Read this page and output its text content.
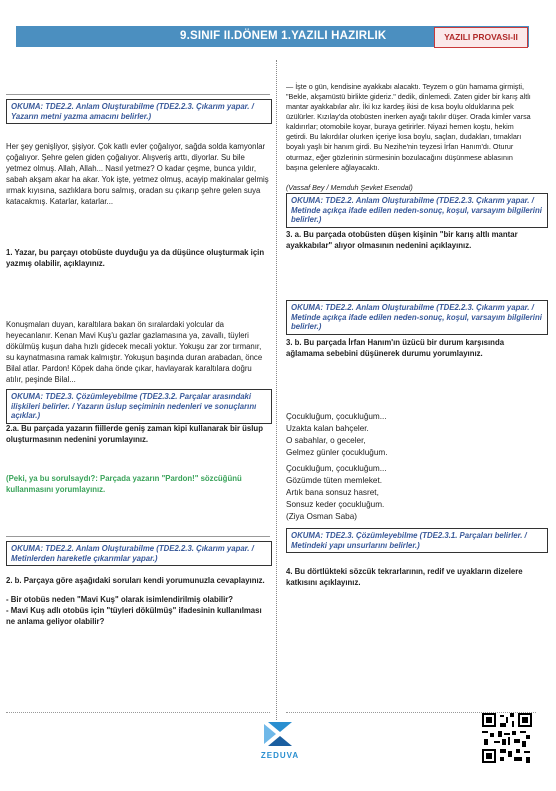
9.SINIF II.DÖNEM 1.YAZILI HAZIRLIK	YAZILI PROVASI-II
OKUMA: TDE2.2. Anlam Oluşturabilme (TDE2.2.3. Çıkarım yapar. / Yazarın metni yazma amacını belirler.)
Her şey genişliyor, şişiyor. Çok katlı evler çoğalıyor, sağda solda kamyonlar çoğalıyor. Şehre gelen giden çoğalıyor. Alışveriş arttı, diyorlar. Su bile yetmez olmuş. Allah, Allah... Nasıl yetmez? O kadar çeşme, bunca yıldır, sabah akşam akar ha akar. Yok işte, yetmez olmuş, acayip makinalar gelmiş ırmak kıyısına, sazlıklara boru salmış, oradan su çıkarıp şehre gelen suya katacakmış. Katarlar, katarlar...
1. Yazar, bu parçayı otobüste duyduğu ya da düşünce oluşturmak için yazmış olabilir, açıklayınız.
Konuşmaları duyan, karaltılara bakan ön sıralardaki yolcular da heyecanlanır. Kenan Mavi Kuş'u gazlar gazlamasına ya, zavallı, tüyleri dökülmüş kuşun daha hızlı gidecek mecali yoktur. Yokuşu zar zor tırmanır, su kaynatmasına ramak kalmıştır. Yokuşun başında duran arabadan, önce Bilal atlar. Pardon! Köpek daha önde çıkar, havlayarak karaltılara doğru atılır, peşinde Bilal...
OKUMA: TDE2.3. Çözümleyebilme (TDE2.3.2. Parçalar arasındaki ilişkileri belirler. / Yazarın üslup seçiminin nedenleri ve sonuçlarını açıklar.)
2.a. Bu parçada yazarın fiillerde geniş zaman kipi kullanarak bir üslup oluşturmasının nedenini yorumlayınız.
(Peki, ya bu sorulsaydı?: Parçada yazarın "Pardon!" sözcüğünü kullanmasını yorumlayınız.
OKUMA: TDE2.2. Anlam Oluşturabilme (TDE2.2.3. Çıkarım yapar. / Metinlerden hareketle çıkarımlar yapar.)
2. b. Parçaya göre aşağıdaki soruları kendi yorumunuzla cevaplayınız.
- Bir otobüs neden "Mavi Kuş" olarak isimlendirilmiş olabilir?
- Mavi Kuş adlı otobüs için "tüyleri dökülmüş" ifadesinin kullanılması ne anlama geliyor olabilir?
— İşte o gün, kendisine ayakkabı alacaktı. Teyzem o gün hamama girmişti, "Bekle, akşamüstü birlikte gideriz." dedik, dinlemedi. Zaten gider bir karış altlı mantar ayakkabılar alır. İki kız kardeş ikisi de kısa boylu olduklarına pek üzülürler. Kızılay'da otobüsten inerken ayağı takılır düşer. Orada kimler varsa kaldırırlar; otomobile koyar, buraya getirirler. Niyazi hemen koştu, hekim getirdi. Bu lakırdılar olurken içeriye kısa boylu, saçları, dudakları, tırnakları boyalı yaşlı bir hanım girdi. Bu Nezihe'nin teyzesi İrfan Hanım'dı. Oturur oturmaz, eğer gözlerinin sürmesinin bozulacağını düşünmese ablasının başına gelenlere ağlayacaktı.
(Vassaf Bey / Memduh Şevket Esendal)
OKUMA: TDE2.2. Anlam Oluşturabilme (TDE2.2.3. Çıkarım yapar. / Metinde açıkça ifade edilen neden-sonuç, koşul, varsayım bilgilerini belirler.)
3. a. Bu parçada otobüsten düşen kişinin "bir karış altlı mantar ayakkabılar" alıyor olmasının nedenini açıklayınız.
OKUMA: TDE2.2. Anlam Oluşturabilme (TDE2.2.3. Çıkarım yapar. / Metinde açıkça ifade edilen neden-sonuç, koşul, varsayım bilgilerini belirler.)
3. b. Bu parçada İrfan Hanım'ın üzücü bir durum karşısında ağlamama sebebini düşünerek durumu yorumlayınız.
Çocukluğum, çocukluğum...
Uzakta kalan bahçeler.
O sabahlar, o geceler,
Gelmez günler çocukluğum.
Çocukluğum, çocukluğum...
Gözümde tüten memleket.
Artık bana sonsuz hasret,
Sonsuz keder çocukluğum.
(Ziya Osman Saba)
OKUMA: TDE2.3. Çözümleyebilme (TDE2.3.1. Parçaları belirler. / Metindeki yapı unsurlarını belirler.)
4. Bu dörtlükteki sözcük tekrarlarının, redif ve uyakların dizelere katkısını açıklayınız.
ZEDUVA
